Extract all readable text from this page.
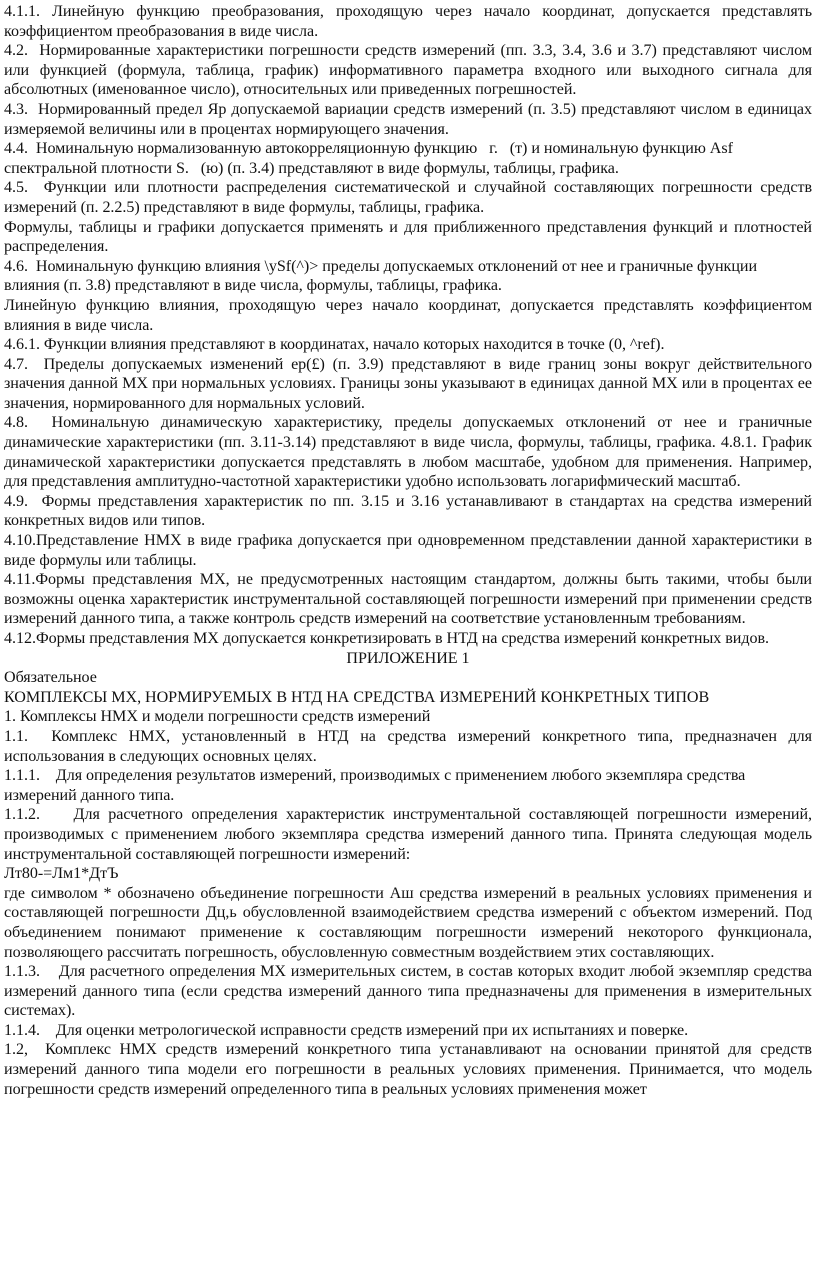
4.1.1. Линейную функцию преобразования, проходящую через начало координат, допускается представлять коэффициентом преобразования в виде числа.

4.2.  Нормированные характеристики погрешности средств измерений (пп. 3.3, 3.4, 3.6 и 3.7) представляют числом или функцией (формула, таблица, график) информативного параметра входного или выходного сигнала для абсолютных (именованное число), относительных или приведенных погрешностей.

4.3.  Нормированный предел Яр допускаемой вариации средств измерений (п. 3.5) представляют числом в единицах измеряемой величины или в процентах нормирующего значения.

4.4.  Номинальную нормализованную автокорреляционную функцию   г.   (т) и номинальную функцию Asf

спектральной плотности S.   (ю) (п. 3.4) представляют в виде формулы, таблицы, графика.

4.5.  Функции или плотности распределения систематической и случайной составляющих погрешности средств измерений (п. 2.2.5) представляют в виде формулы, таблицы, графика.

Формулы, таблицы и графики допускается применять и для приближенного представления функций и плотностей распределения.

4.6.  Номинальную функцию влияния \ySf(^)> пределы допускаемых отклонений от нее и граничные функции

влияния (п. 3.8) представляют в виде числа, формулы, таблицы, графика.

Линейную функцию влияния, проходящую через начало координат, допускается представлять коэффициентом влияния в виде числа.

4.6.1. Функции влияния представляют в координатах, начало которых находится в точке (0, ^ref).

4.7.  Пределы допускаемых изменений ер(£) (п. 3.9) представляют в виде границ зоны вокруг действительного значения данной МХ при нормальных условиях. Границы зоны указывают в единицах данной МХ или в процентах ее значения, нормированного для нормальных условий.

4.8.  Номинальную динамическую характеристику, пределы допускаемых отклонений от нее и граничные динамические характеристики (пп. 3.11-3.14) представляют в виде числа, формулы, таблицы, графика. 4.8.1. График динамической характеристики допускается представлять в любом масштабе, удобном для применения. Например, для представления амплитудно-частотной характеристики удобно использовать логарифмический масштаб.

4.9.  Формы представления характеристик по пп. 3.15 и 3.16 устанавливают в стандартах на средства измерений конкретных видов или типов.

4.10.Представление НМХ в виде графика допускается при одновременном представлении данной характеристики в виде формулы или таблицы.

4.11.Формы представления МХ, не предусмотренных настоящим стандартом, должны быть такими, чтобы были возможны оценка характеристик инструментальной составляющей погрешности измерений при применении средств измерений данного типа, а также контроль средств измерений на соответствие установленным требованиям.

4.12.Формы представления МХ допускается конкретизировать в НТД на средства измерений конкретных видов.

ПРИЛОЖЕНИЕ 1

Обязательное

КОМПЛЕКСЫ МХ, НОРМИРУЕМЫХ В НТД НА СРЕДСТВА ИЗМЕРЕНИЙ КОНКРЕТНЫХ ТИПОВ

1. Комплексы НМХ и модели погрешности средств измерений

1.1.  Комплекс НМХ, установленный в НТД на средства измерений конкретного типа, предназначен для использования в следующих основных целях.

1.1.1.    Для определения результатов измерений, производимых с применением любого экземпляра средства

измерений данного типа.

1.1.2.    Для расчетного определения характеристик инструментальной составляющей погрешности измерений, производимых с применением любого экземпляра средства измерений данного типа. Принята следующая модель инструментальной составляющей погрешности измерений:

Лт80-=Лм1*ДтЪ

где символом * обозначено объединение погрешности Аш средства измерений в реальных условиях применения и составляющей погрешности Дц,ь обусловленной взаимодействием средства измерений с объектом измерений. Под объединением понимают применение к составляющим погрешности измерений некоторого функционала, позволяющего рассчитать погрешность, обусловленную совместным воздействием этих составляющих.

1.1.3.    Для расчетного определения МХ измерительных систем, в состав которых входит любой экземпляр средства измерений данного типа (если средства измерений данного типа предназначены для применения в измерительных системах).

1.1.4.    Для оценки метрологической исправности средств измерений при их испытаниях и поверке.

1.2,  Комплекс НМХ средств измерений конкретного типа устанавливают на основании принятой для средств измерений данного типа модели его погрешности в реальных условиях применения. Принимается, что модель погрешности средств измерений определенного типа в реальных условиях применения может
